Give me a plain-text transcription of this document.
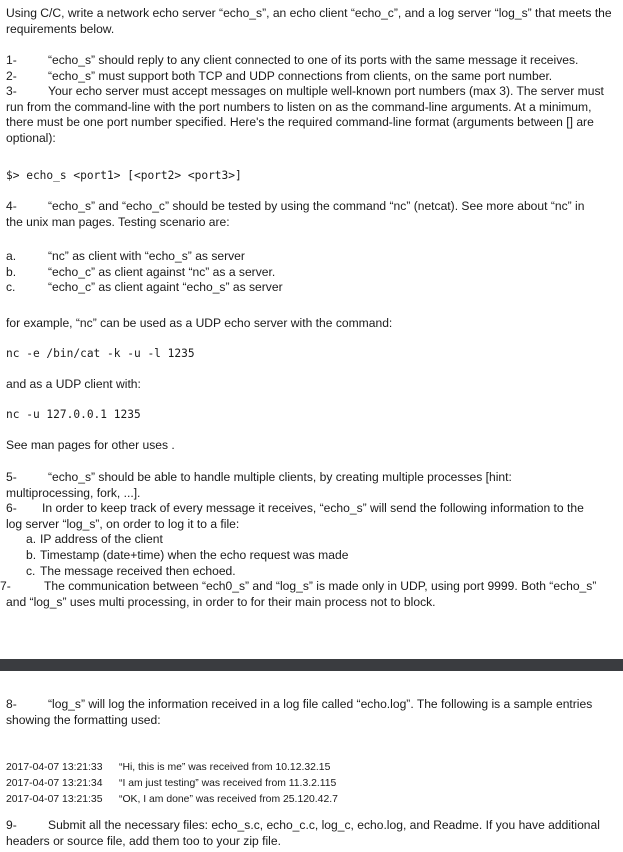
Using C/C, write a network echo server “echo_s”, an echo client “echo_c”, and a log server “log_s” that meets the requirements below.

1-	“echo_s” should reply to any client connected to one of its ports with the same message it receives.
2-	“echo_s” must support both TCP and UDP connections from clients, on the same port number.
3-	Your echo server must accept messages on multiple well-known port numbers (max 3). The server must
run from the command-line with the port numbers to listen on as the command-line arguments. At a minimum,
there must be one port number specified. Here's the required command-line format (arguments between [] are
optional):
$> echo_s <port1> [<port2> <port3>]
4-	“echo_s” and “echo_c” should be tested by using the command “nc” (netcat). See more about “nc” in
the unix man pages. Testing scenario are:
a.	“nc” as client with “echo_s” as server
b.	“echo_c” as client against “nc” as a server.
c.	“echo_c” as client againt “echo_s” as server
for example, “nc” can be used as a UDP echo server with the command:
nc -e /bin/cat -k -u -l 1235
and as a UDP client with:
nc -u 127.0.0.1 1235
See man pages for other uses .
5-	“echo_s” should be able to handle multiple clients, by creating multiple processes [hint:
multiprocessing, fork, ...].
6- In order to keep track of every message it receives, “echo_s” will send the following information to the
log server “log_s”, on order to log it to a file:
a. IP address of the client
b. Timestamp (date+time) when the echo request was made
c. The message received then echoed.
7-	The communication between “ech0_s” and “log_s” is made only in UDP, using port 9999. Both “echo_s”
and “log_s” uses multi processing, in order to for their main process not to block.
8-	“log_s” will log the information received in a log file called “echo.log”. The following is a sample entries
showing the formatting used:
2017-04-07 13:21:33 “Hi, this is me” was received from 10.12.32.15
2017-04-07 13:21:34 “I am just testing” was received from 11.3.2.115
2017-04-07 13:21:35 “OK, I am done” was received from 25.120.42.7
9-	Submit all the necessary files: echo_s.c, echo_c.c, log_c, echo.log, and Readme. If you have additional
headers or source file, add them too to your zip file.
